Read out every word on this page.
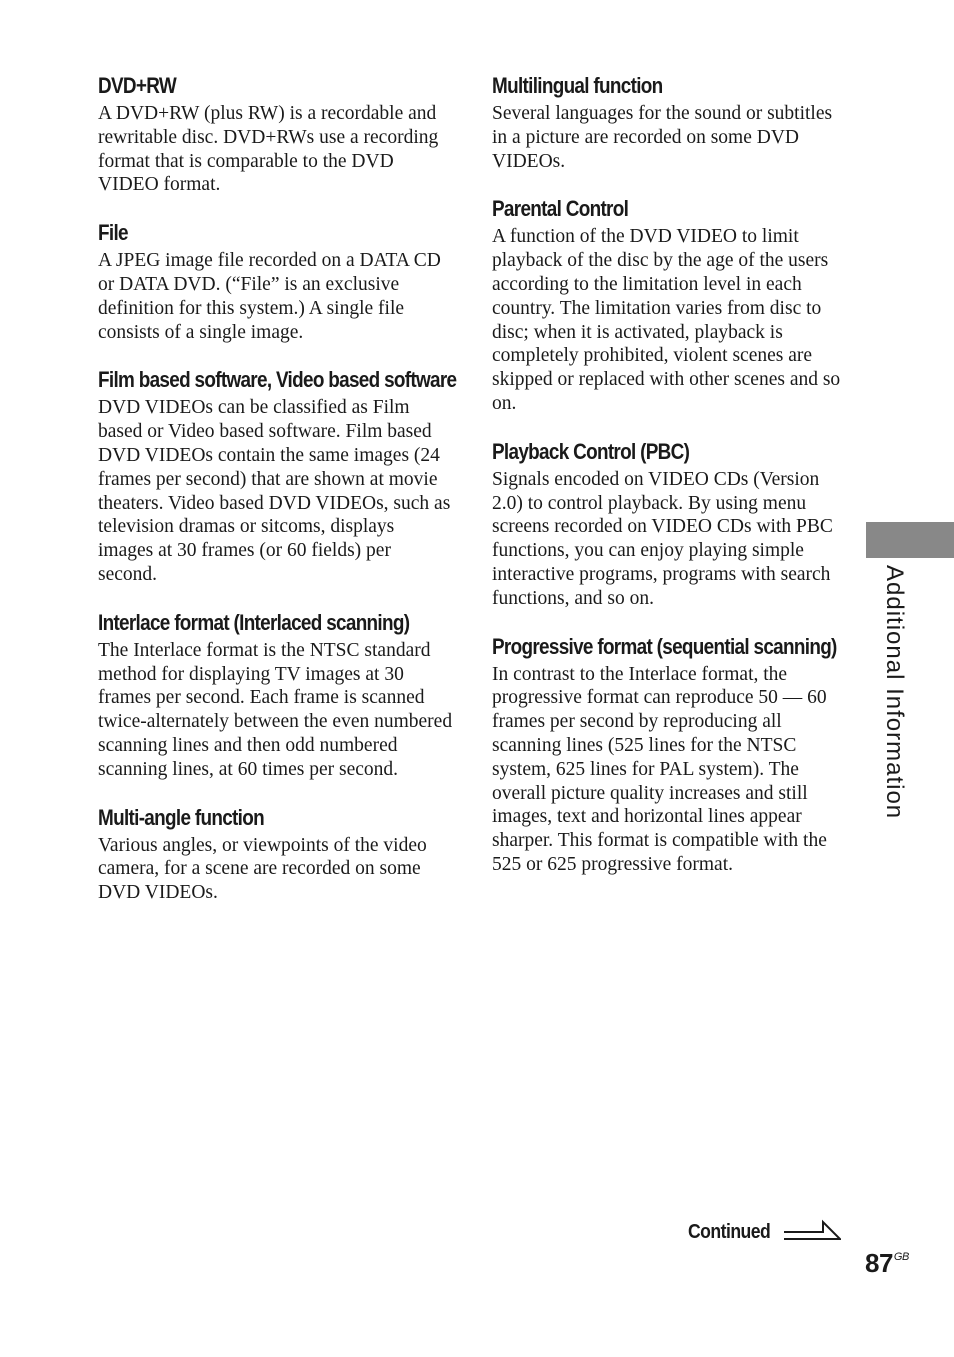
DVD+RW

A DVD+RW (plus RW) is a recordable and rewritable disc. DVD+RWs use a recording format that is comparable to the DVD VIDEO format.

File

A JPEG image file recorded on a DATA CD or DATA DVD. (“File” is an exclusive definition for this system.) A single file consists of a single image.

Film based software, Video based software

DVD VIDEOs can be classified as Film based or Video based software. Film based DVD VIDEOs contain the same images (24 frames per second) that are shown at movie theaters. Video based DVD VIDEOs, such as television dramas or sitcoms, displays images at 30 frames (or 60 fields) per second.

Interlace format (Interlaced scanning)

The Interlace format is the NTSC standard method for displaying TV images at 30 frames per second. Each frame is scanned twice-alternately between the even numbered scanning lines and then odd numbered scanning lines, at 60 times per second.

Multi-angle function

Various angles, or viewpoints of the video camera, for a scene are recorded on some DVD VIDEOs.

Multilingual function

Several languages for the sound or subtitles in a picture are recorded on some DVD VIDEOs.

Parental Control

A function of the DVD VIDEO to limit playback of the disc by the age of the users according to the limitation level in each country. The limitation varies from disc to disc; when it is activated, playback is completely prohibited, violent scenes are skipped or replaced with other scenes and so on.

Playback Control (PBC)

Signals encoded on VIDEO CDs (Version 2.0) to control playback. By using menu screens recorded on VIDEO CDs with PBC functions, you can enjoy playing simple interactive programs, programs with search functions, and so on.

Progressive format (sequential scanning)

In contrast to the Interlace format, the progressive format can reproduce 50 — 60 frames per second by reproducing all scanning lines (525 lines for the NTSC system, 625 lines for PAL system). The overall picture quality increases and still images, text and horizontal lines appear sharper. This format is compatible with the 525 or 625 progressive format.

Additional Information
Continued
$87^{GB}$
